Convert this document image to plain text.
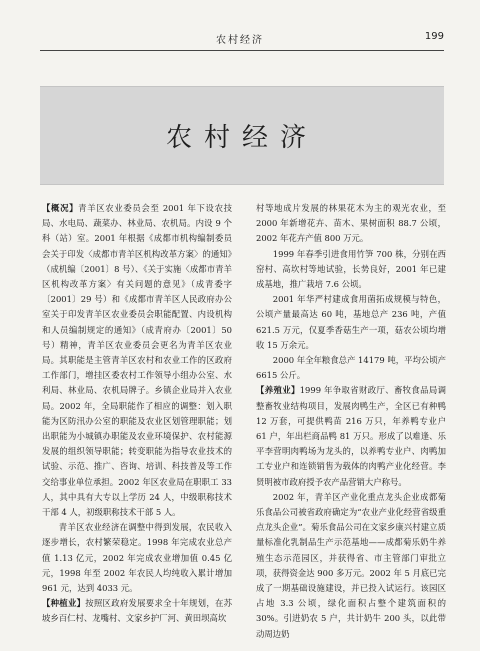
农村经济	199
农村经济

【概况】青羊区农业委员会至 2001 年下设农技局、水电局、蔬菜办、林业局、农机局。内设 9 个科（站）室。2001 年根据《成都市机构编制委员会关于印发〈成都市青羊区机构改革方案〉的通知》（成机编〔2001〕8 号）、《关于实施〈成都市青羊区机构改革方案〉有关问题的意见》（成青委字〔2001〕29 号）和《成都市青羊区人民政府办公室关于印发青羊区农业委员会职能配置、内设机构和人员编制规定的通知》（成青府办〔2001〕50 号）精神，青羊区农业委员会更名为青羊区农业局。其职能是主管青羊区农村和农业工作的区政府工作部门，增挂区委农村工作领导小组办公室、水利局、林业局、农机局牌子。乡镇企业局并入农业局。2002 年，全局职能作了相应的调整：划入职能为区防汛办公室的职能及农业区划管理职能；划出职能为小城镇办职能及农业环境保护、农村能源发展的组织领导职能；转变职能为指导农业技术的试验、示范、推广、咨询、培训、科技普及等工作交给事业单位承担。2002 年区农业局在职职工 33 人，其中具有大专以上学历 24 人，中级职称技术干部 4 人，初级职称技术干部 5 人。

青羊区农业经济在调整中得到发展，农民收入逐步增长，农村繁荣稳定。1998 年完成农业总产值 1.13 亿元，2002 年完成农业增加值 0.45 亿元，1998 年至 2002 年农民人均纯收入累计增加 961 元，达到 4033 元。

【种植业】按照区政府发展要求全十年规划，在苏坡乡百仁村、龙嘴村、文家乡护厂河、黄田坝高坎

村等地成片发展的林果花木为主的观光农业，至 2000 年新增花卉、苗木、果树面积 88.7 公顷，2002 年花卉产值 800 万元。

1999 年春季引进食用竹笋 700 株，分别在西窑村、高坎村等地试验，长势良好，2001 年已建成基地，推广栽培 7.6 公顷。

2001 年华严村建成食用菌拓成规模与特色，公顷产量最高达 60 吨，基地总产 236 吨，产值 621.5 万元，仅夏季香菇生产一项，菇农公顷均增收 15 万余元。

2000 年全年粮食总产 14179 吨，平均公顷产 6615 公斤。

【养殖业】1999 年争取省财政厅、畜牧食品局调整畜牧业结构项目，发展肉鸭生产，全区已有种鸭 12 万套，可提供鸭苗 216 万只，年养鸭专业户 61 户，年出栏商品鸭 81 万只。形成了以难逢、乐平李营明肉鸭场为龙头的，以养鸭专业户、肉鸭加工专业户和连锁销售为载体的肉鸭产业化经营。李贤明被市政府授予农产品营销大户称号。

2002 年，青羊区产业化重点龙头企业成都菊乐食品公司被省政府确定为“农业产业化经营省级重点龙头企业”。菊乐食品公司在文家乡康兴村建立质量标准化乳制品生产示范基地——成都菊乐奶牛养殖生态示范园区，并获得省、市主管部门审批立项，获得资金达 900 多万元。2002 年 5 月底已完成了一期基础设施建设，并已投入试运行。该园区占地 3.3 公顷，绿化面积占整个建筑面积的 30%。引进奶农 5 户，共计奶牛 200 头，以此带动周边奶
